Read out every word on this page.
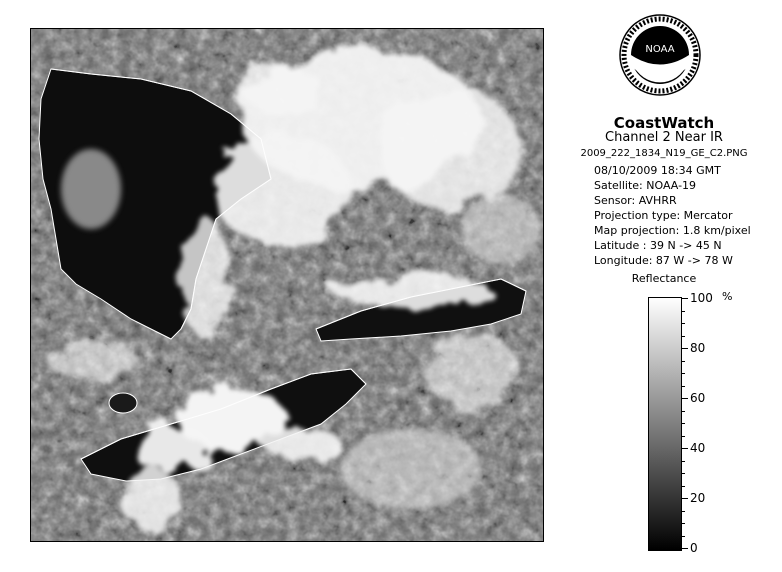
NOAA
CoastWatch
Channel 2 Near IR
2009_222_1834_N19_GE_C2.PNG
08/10/2009 18:34 GMT
Satellite: NOAA-19
Sensor: AVHRR
Projection type: Mercator
Map projection: 1.8 km/pixel
Latitude : 39 N -> 45 N
Longitude: 87 W -> 78 W
Reflectance
%
100
80
60
40
20
0
